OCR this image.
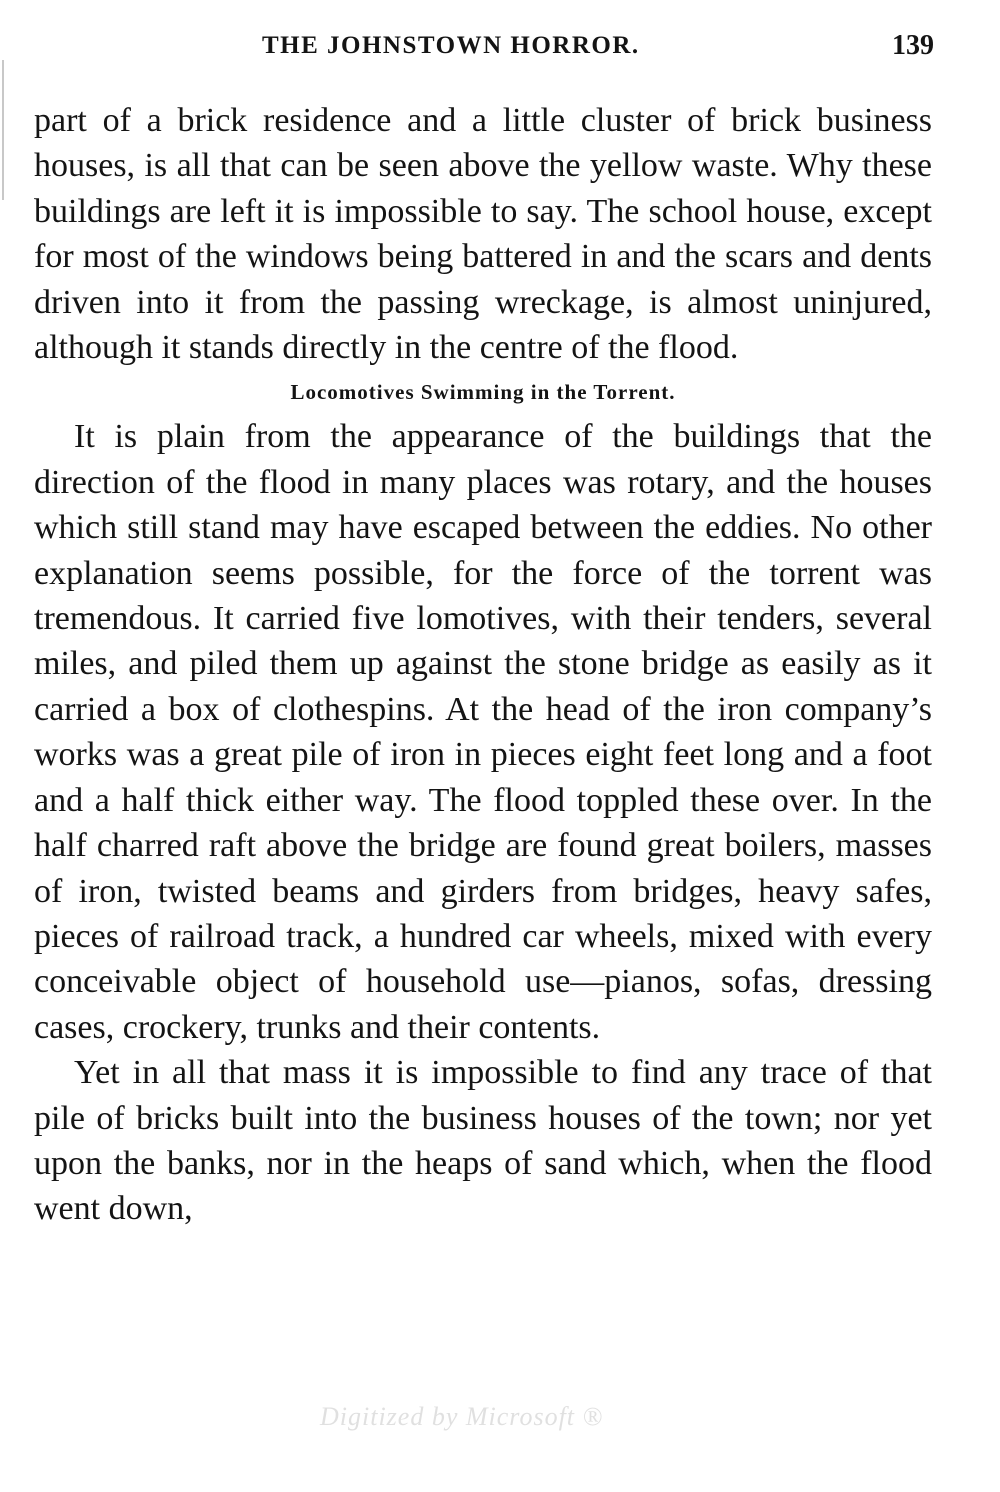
THE JOHNSTOWN HORROR.	139

part of a brick residence and a little cluster of brick business houses, is all that can be seen above the yellow waste. Why these buildings are left it is impossible to say. The school house, except for most of the windows being battered in and the scars and dents driven into it from the passing wreckage, is almost uninjured, although it stands directly in the centre of the flood.

Locomotives Swimming in the Torrent.

It is plain from the appearance of the buildings that the direction of the flood in many places was rotary, and the houses which still stand may have escaped between the eddies. No other explanation seems possible, for the force of the torrent was tremendous. It carried five lomotives, with their tenders, several miles, and piled them up against the stone bridge as easily as it carried a box of clothespins. At the head of the iron company’s works was a great pile of iron in pieces eight feet long and a foot and a half thick either way. The flood toppled these over. In the half charred raft above the bridge are found great boilers, masses of iron, twisted beams and girders from bridges, heavy safes, pieces of railroad track, a hundred car wheels, mixed with every conceivable object of household use—pianos, sofas, dressing cases, crockery, trunks and their contents.

Yet in all that mass it is impossible to find any trace of that pile of bricks built into the business houses of the town; nor yet upon the banks, nor in the heaps of sand which, when the flood went down,

Digitized by Microsoft ®
